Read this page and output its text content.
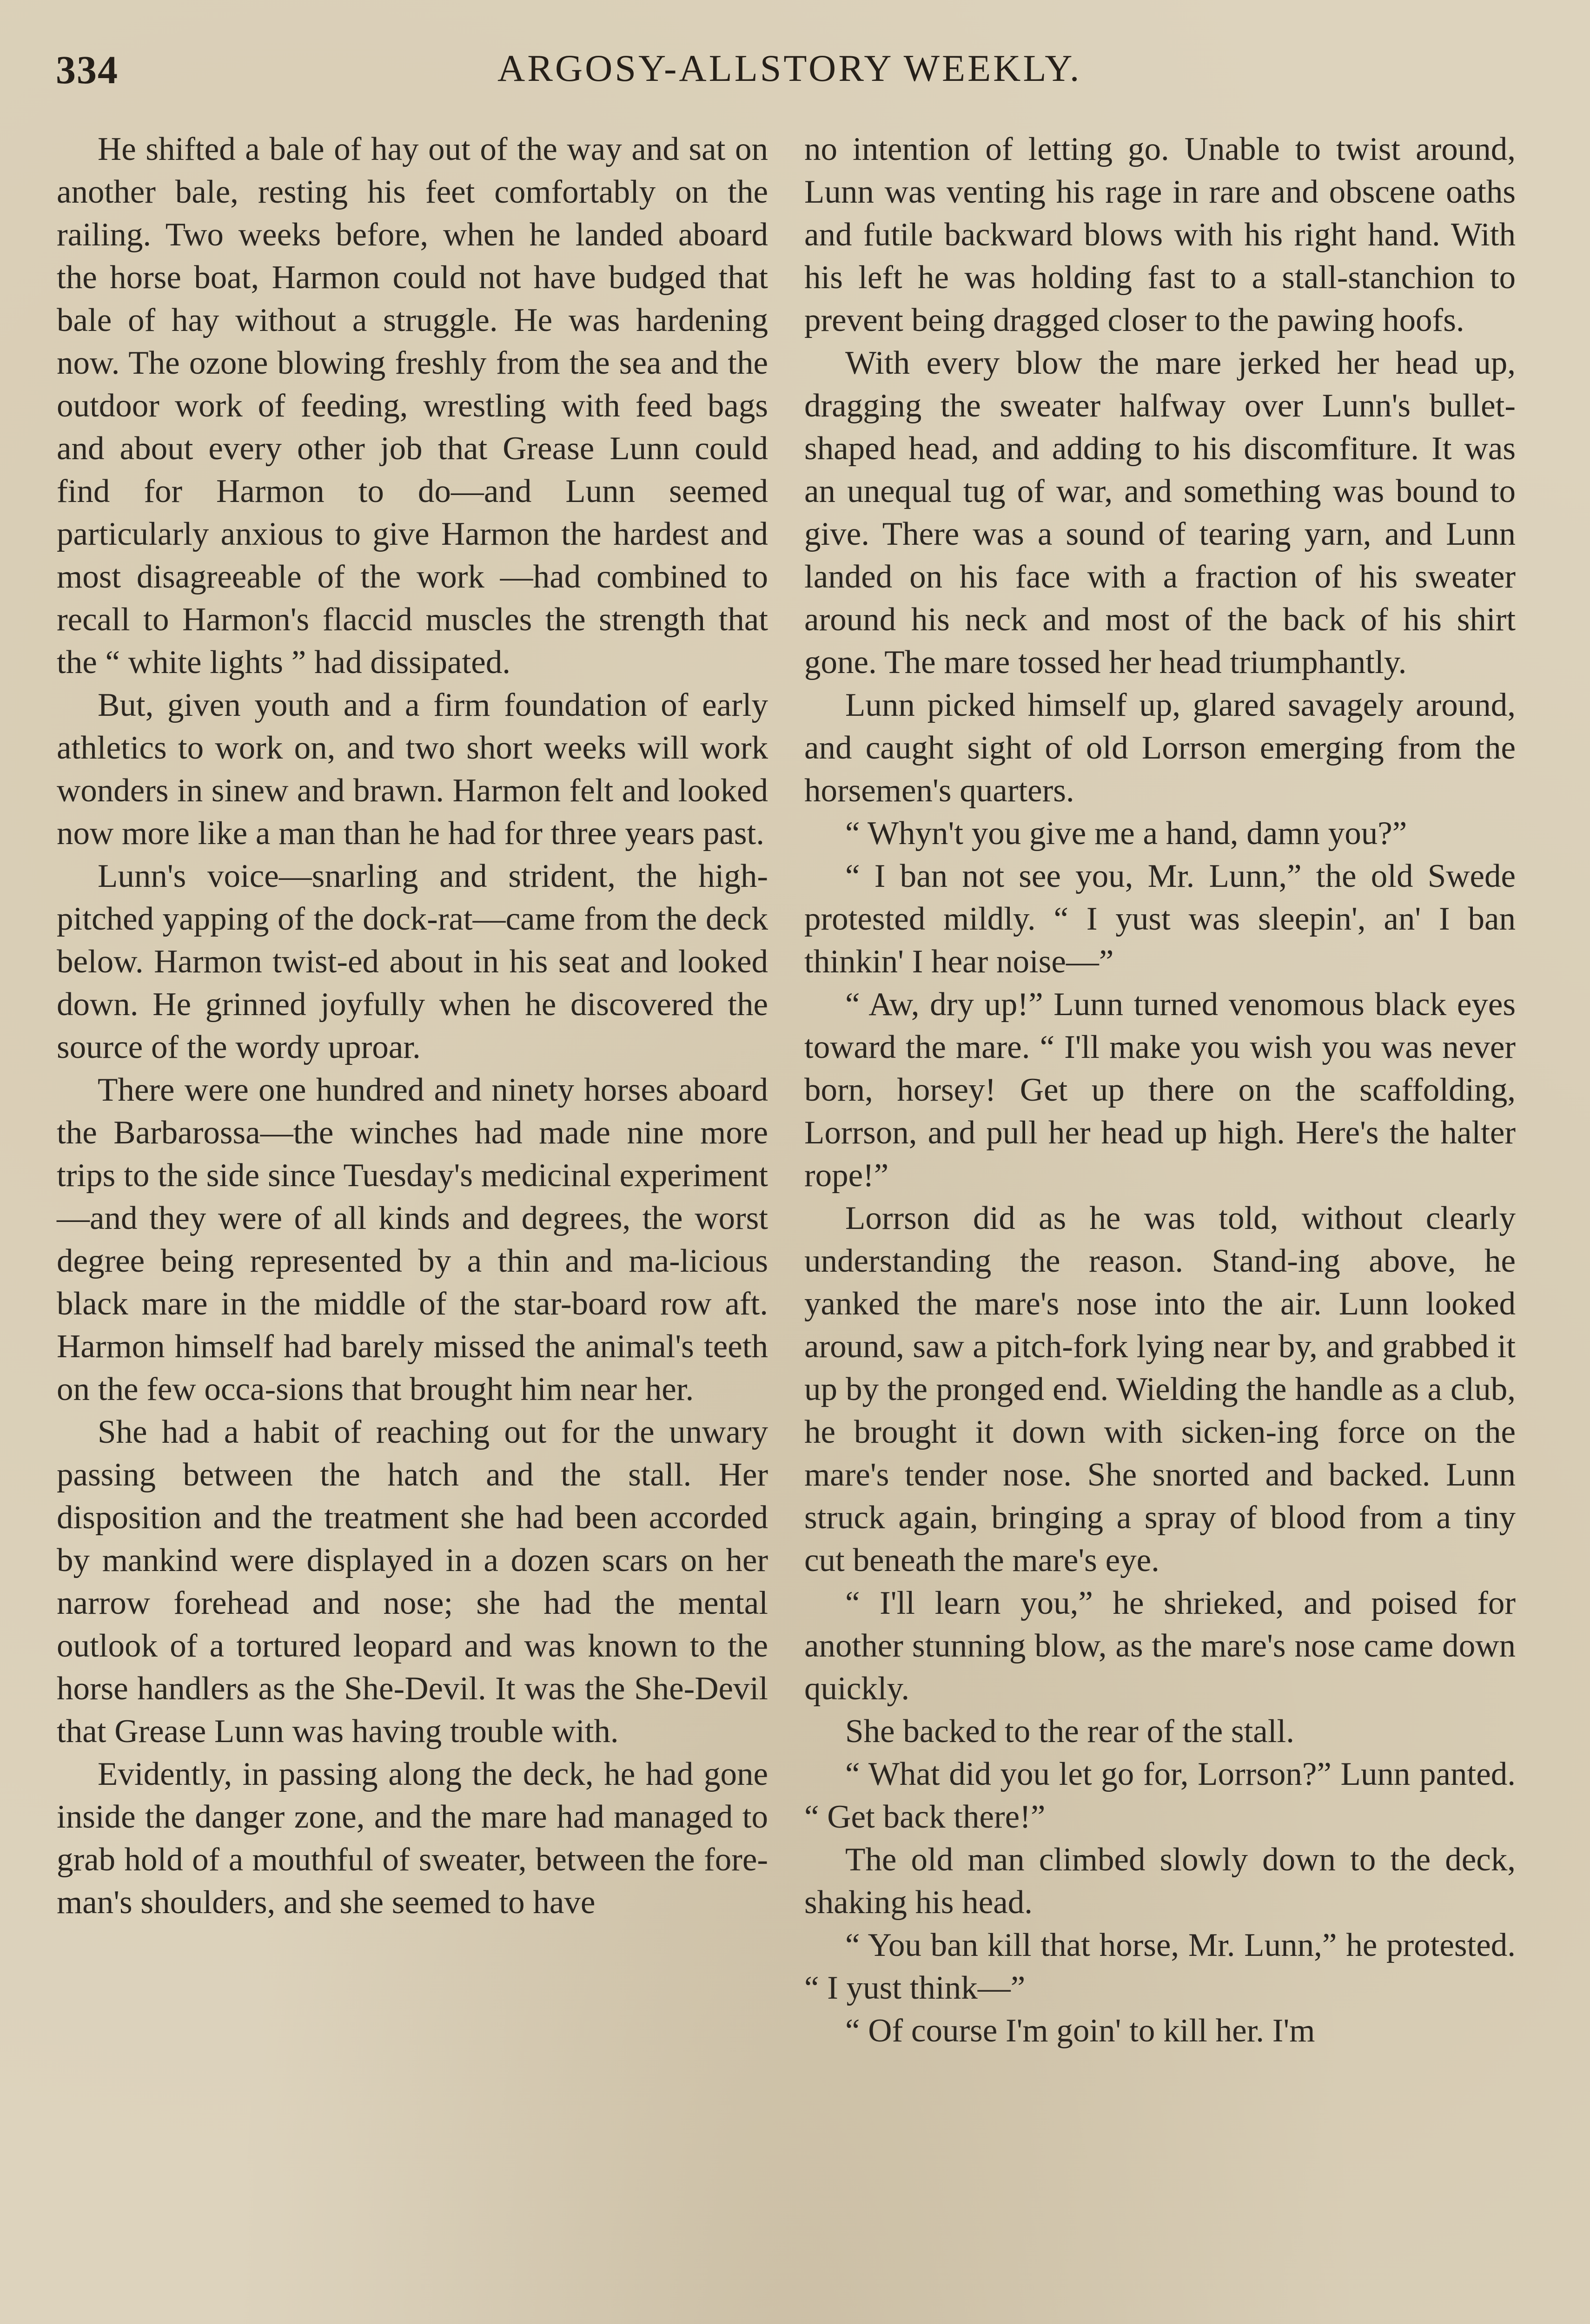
334	ARGOSY-ALLSTORY WEEKLY.

He shifted a bale of hay out of the way and sat on another bale, resting his feet comfortably on the railing. Two weeks before, when he landed aboard the horse boat, Harmon could not have budged that bale of hay without a struggle. He was hardening now. The ozone blowing freshly from the sea and the outdoor work of feeding, wrestling with feed bags and about every other job that Grease Lunn could find for Harmon to do—and Lunn seemed particularly anxious to give Harmon the hardest and most disagreeable of the work —had combined to recall to Harmon's flaccid muscles the strength that the “ white lights ” had dissipated.

But, given youth and a firm foundation of early athletics to work on, and two short weeks will work wonders in sinew and brawn. Harmon felt and looked now more like a man than he had for three years past.

Lunn's voice—snarling and strident, the high-pitched yapping of the dock-rat—came from the deck below. Harmon twist-ed about in his seat and looked down. He grinned joyfully when he discovered the source of the wordy uproar.

There were one hundred and ninety horses aboard the Barbarossa—the winches had made nine more trips to the side since Tuesday's medicinal experiment—and they were of all kinds and degrees, the worst degree being represented by a thin and ma-licious black mare in the middle of the star-board row aft. Harmon himself had barely missed the animal's teeth on the few occa-sions that brought him near her.

She had a habit of reaching out for the unwary passing between the hatch and the stall. Her disposition and the treatment she had been accorded by mankind were displayed in a dozen scars on her narrow forehead and nose; she had the mental outlook of a tortured leopard and was known to the horse handlers as the She-Devil. It was the She-Devil that Grease Lunn was having trouble with.

Evidently, in passing along the deck, he had gone inside the danger zone, and the mare had managed to grab hold of a mouthful of sweater, between the fore-man's shoulders, and she seemed to have

no intention of letting go. Unable to twist around, Lunn was venting his rage in rare and obscene oaths and futile backward blows with his right hand. With his left he was holding fast to a stall-stanchion to prevent being dragged closer to the pawing hoofs.

With every blow the mare jerked her head up, dragging the sweater halfway over Lunn's bullet-shaped head, and adding to his discomfiture. It was an unequal tug of war, and something was bound to give. There was a sound of tearing yarn, and Lunn landed on his face with a fraction of his sweater around his neck and most of the back of his shirt gone. The mare tossed her head triumphantly.

Lunn picked himself up, glared savagely around, and caught sight of old Lorrson emerging from the horsemen's quarters.

“ Whyn't you give me a hand, damn you?”

“ I ban not see you, Mr. Lunn,” the old Swede protested mildly. “ I yust was sleepin', an' I ban thinkin' I hear noise—”

“ Aw, dry up!” Lunn turned venomous black eyes toward the mare. “ I'll make you wish you was never born, horsey! Get up there on the scaffolding, Lorrson, and pull her head up high. Here's the halter rope!”

Lorrson did as he was told, without clearly understanding the reason. Stand-ing above, he yanked the mare's nose into the air. Lunn looked around, saw a pitch-fork lying near by, and grabbed it up by the pronged end. Wielding the handle as a club, he brought it down with sicken-ing force on the mare's tender nose. She snorted and backed. Lunn struck again, bringing a spray of blood from a tiny cut beneath the mare's eye.

“ I'll learn you,” he shrieked, and poised for another stunning blow, as the mare's nose came down quickly.

She backed to the rear of the stall.

“ What did you let go for, Lorrson?” Lunn panted. “ Get back there!”

The old man climbed slowly down to the deck, shaking his head.

“ You ban kill that horse, Mr. Lunn,” he protested. “ I yust think—”

“ Of course I'm goin' to kill her. I'm
